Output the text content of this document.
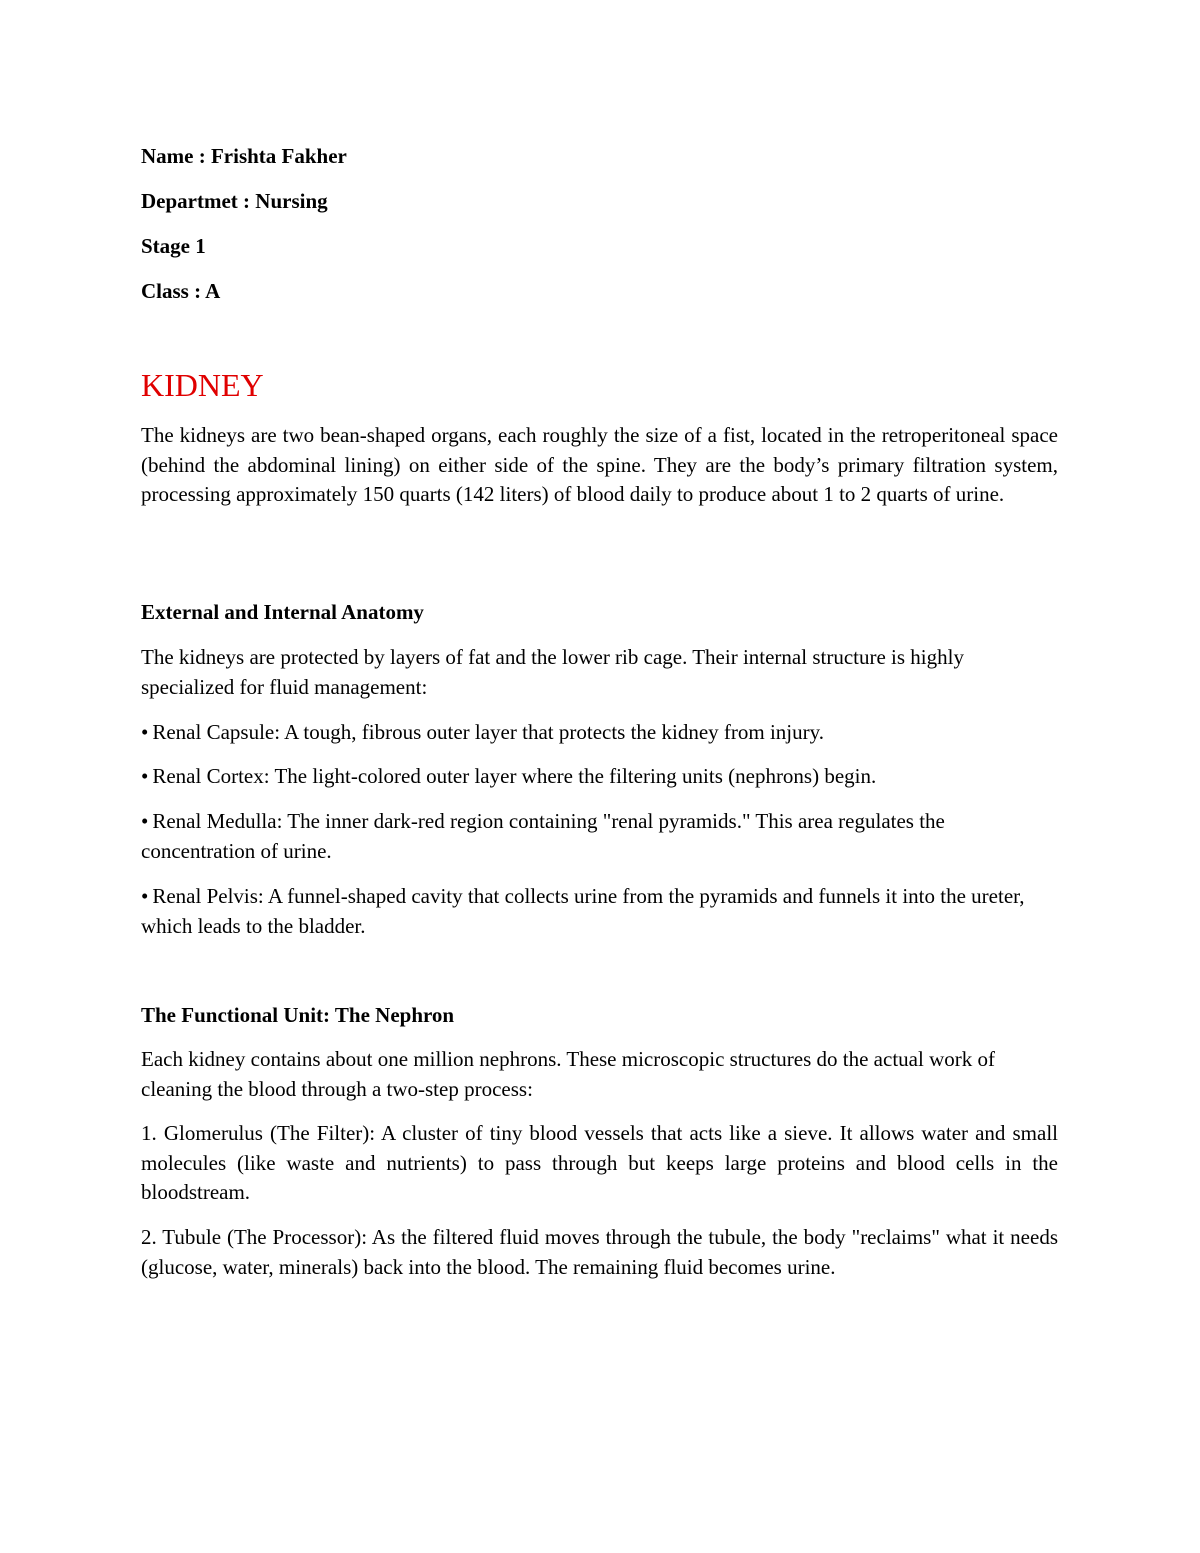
Name : Frishta Fakher
Departmet : Nursing
Stage 1
Class : A
KIDNEY

The kidneys are two bean-shaped organs, each roughly the size of a fist, located in the retroperitoneal space (behind the abdominal lining) on either side of the spine. They are the body’s primary filtration system, processing approximately 150 quarts (142 liters) of blood daily to produce about 1 to 2 quarts of urine.

External and Internal Anatomy

The kidneys are protected by layers of fat and the lower rib cage. Their internal structure is highly specialized for fluid management:

• Renal Capsule: A tough, fibrous outer layer that protects the kidney from injury.

• Renal Cortex: The light-colored outer layer where the filtering units (nephrons) begin.

• Renal Medulla: The inner dark-red region containing "renal pyramids." This area regulates the concentration of urine.

• Renal Pelvis: A funnel-shaped cavity that collects urine from the pyramids and funnels it into the ureter, which leads to the bladder.

The Functional Unit: The Nephron

Each kidney contains about one million nephrons. These microscopic structures do the actual work of cleaning the blood through a two-step process:

1. Glomerulus (The Filter): A cluster of tiny blood vessels that acts like a sieve. It allows water and small molecules (like waste and nutrients) to pass through but keeps large proteins and blood cells in the bloodstream.

2. Tubule (The Processor): As the filtered fluid moves through the tubule, the body "reclaims" what it needs (glucose, water, minerals) back into the blood. The remaining fluid becomes urine.
